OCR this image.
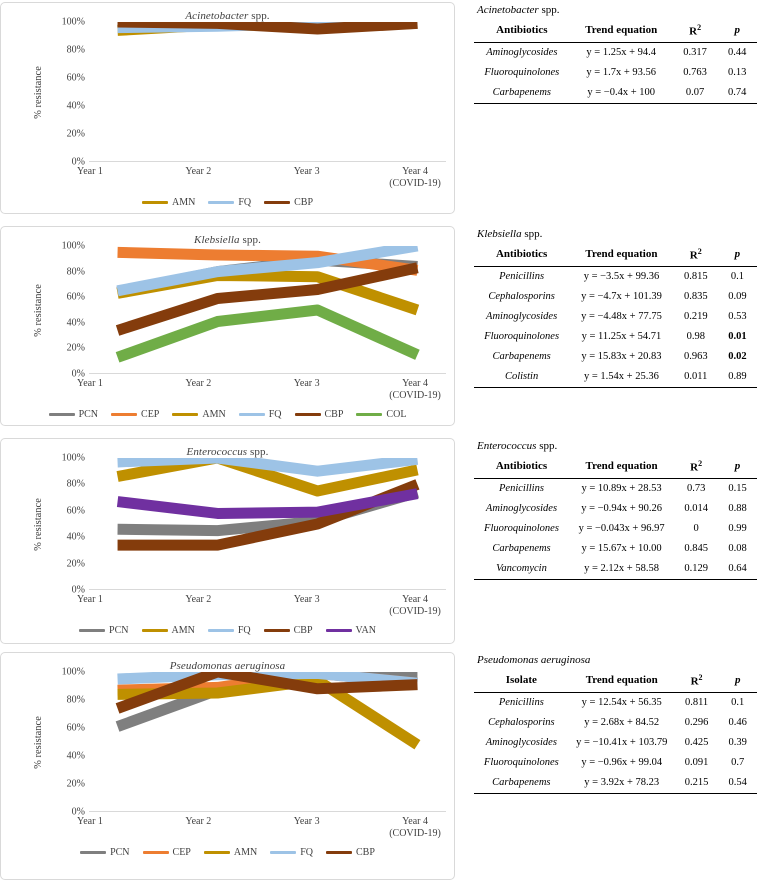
Acinetobacter spp.
% resistance
0%
20%
40%
60%
80%
100%
Year 1	Year 2	Year 3	Year 4
(COVID-19)
AMN	FQ	CBP
Acinetobacter spp.
Antibiotics	Trend equation	$R^2$	p
Aminoglycosides	y = 1.25x + 94.4	0.317	0.44
Fluoroquinolones	y = 1.7x + 93.56	0.763	0.13
Carbapenems	y = −0.4x + 100	0.07	0.74
Klebsiella spp.
% resistance
0%
20%
40%
60%
80%
100%
Year 1	Year 2	Year 3	Year 4
(COVID-19)
PCN	CEP	AMN	FQ	CBP	COL
Klebsiella spp.
Antibiotics	Trend equation	$R^2$	p
Penicillins	y = −3.5x + 99.36	0.815	0.1
Cephalosporins	y = −4.7x + 101.39	0.835	0.09
Aminoglycosides	y = −4.48x + 77.75	0.219	0.53
Fluoroquinolones	y = 11.25x + 54.71	0.98	0.01
Carbapenems	y = 15.83x + 20.83	0.963	0.02
Colistin	y = 1.54x + 25.36	0.011	0.89
Enterococcus spp.
% resistance
0%
20%
40%
60%
80%
100%
Year 1	Year 2	Year 3	Year 4
(COVID-19)
PCN	AMN	FQ	CBP	VAN
Enterococcus spp.
Antibiotics	Trend equation	$R^2$	p
Penicillins	y = 10.89x + 28.53	0.73	0.15
Aminoglycosides	y = −0.94x + 90.26	0.014	0.88
Fluoroquinolones	y = −0.043x + 96.97	0	0.99
Carbapenems	y = 15.67x + 10.00	0.845	0.08
Vancomycin	y = 2.12x + 58.58	0.129	0.64
Pseudomonas aeruginosa
% resistance
0%
20%
40%
60%
80%
100%
Year 1	Year 2	Year 3	Year 4
(COVID-19)
PCN	CEP	AMN	FQ	CBP
Pseudomonas aeruginosa
Isolate	Trend equation	$R^2$	p
Penicillins	y = 12.54x + 56.35	0.811	0.1
Cephalosporins	y = 2.68x + 84.52	0.296	0.46
Aminoglycosides	y = −10.41x + 103.79	0.425	0.39
Fluoroquinolones	y = −0.96x + 99.04	0.091	0.7
Carbapenems	y = 3.92x + 78.23	0.215	0.54
